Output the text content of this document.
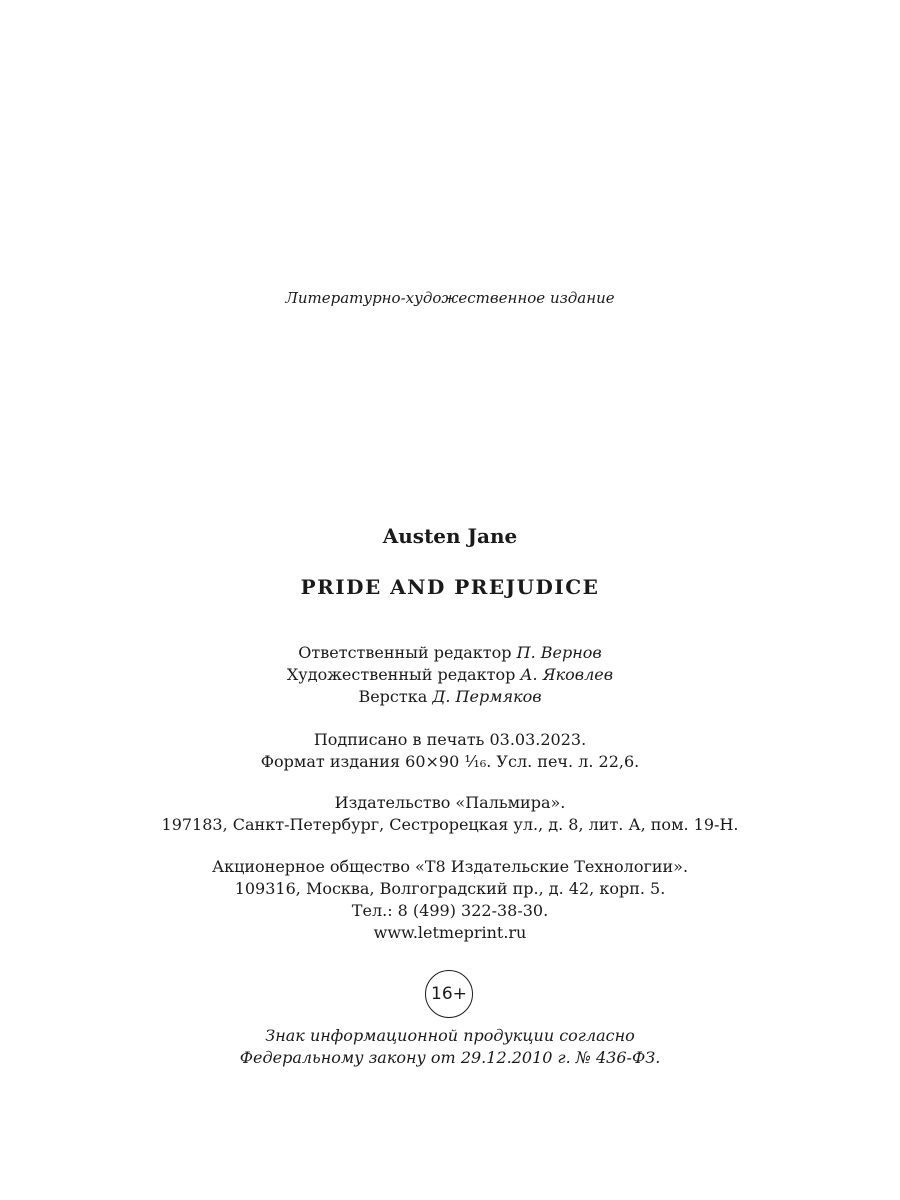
Литературно-художественное издание
Austen Jane
PRIDE AND PREJUDICE
Ответственный редактор П. Вернов
Художественный редактор А. Яковлев
Верстка Д. Пермяков
Подписано в печать 03.03.2023.
Формат издания 60×90 ¹⁄₁₆. Усл. печ. л. 22,6.
Издательство «Пальмира».
197183, Санкт-Петербург, Сестрорецкая ул., д. 8, лит. А, пом. 19-Н.
Акционерное общество «Т8 Издательские Технологии».
109316, Москва, Волгоградский пр., д. 42, корп. 5.
Тел.: 8 (499) 322-38-30.
www.letmeprint.ru
16+
Знак информационной продукции согласно
Федеральному закону от 29.12.2010 г. № 436-ФЗ.
